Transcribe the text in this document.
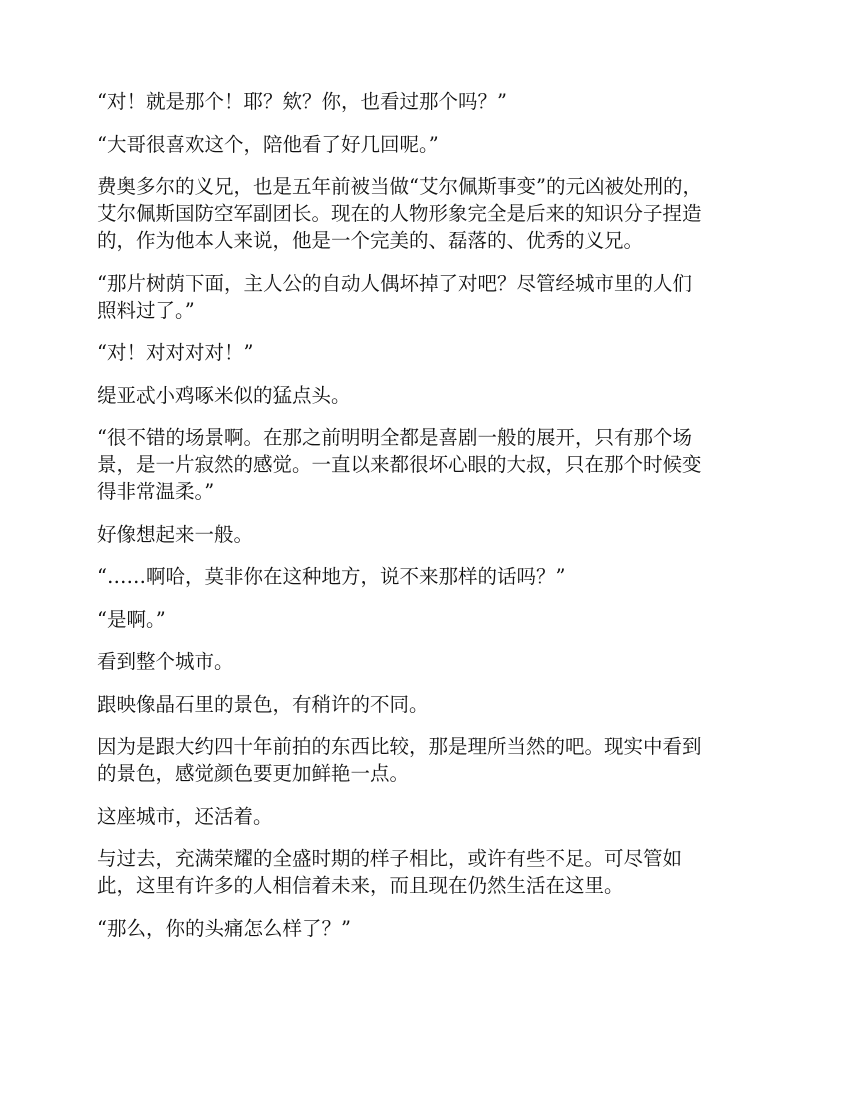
“对！就是那个！耶？欸？你，也看过那个吗？”

“大哥很喜欢这个，陪他看了好几回呢。”

费奥多尔的义兄，也是五年前被当做“艾尔佩斯事变”的元凶被处刑的，
艾尔佩斯国防空军副团长。现在的人物形象完全是后来的知识分子捏造
的，作为他本人来说，他是一个完美的、磊落的、优秀的义兄。

“那片树荫下面，主人公的自动人偶坏掉了对吧？尽管经城市里的人们
照料过了。”

“对！对对对对！”

缇亚忒小鸡啄米似的猛点头。

“很不错的场景啊。在那之前明明全都是喜剧一般的展开，只有那个场
景，是一片寂然的感觉。一直以来都很坏心眼的大叔，只在那个时候变
得非常温柔。”

好像想起来一般。

“……啊哈，莫非你在这种地方，说不来那样的话吗？”

“是啊。”

看到整个城市。

跟映像晶石里的景色，有稍许的不同。

因为是跟大约四十年前拍的东西比较，那是理所当然的吧。现实中看到
的景色，感觉颜色要更加鲜艳一点。

这座城市，还活着。

与过去，充满荣耀的全盛时期的样子相比，或许有些不足。可尽管如
此，这里有许多的人相信着未来，而且现在仍然生活在这里。

“那么，你的头痛怎么样了？”
